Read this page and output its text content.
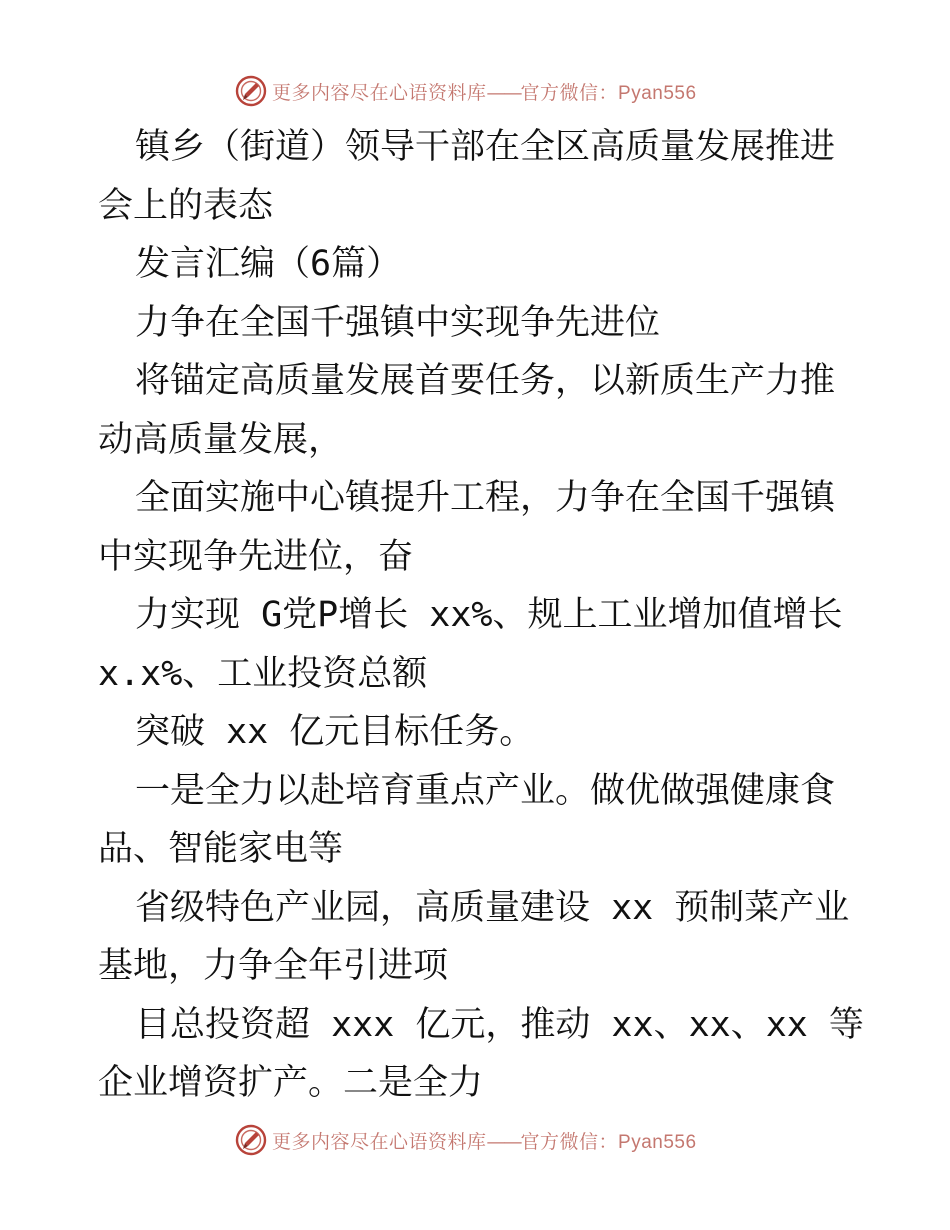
更多内容尽在心语资料库——官方微信：Pyan556

镇乡（街道）领导干部在全区高质量发展推进会上的表态

发言汇编（6篇）

力争在全国千强镇中实现争先进位

将锚定高质量发展首要任务，以新质生产力推动高质量发展，

全面实施中心镇提升工程，力争在全国千强镇中实现争先进位，奋

力实现 G党P增长 xx%、规上工业增加值增长 x.x%、工业投资总额

突破 xx 亿元目标任务。

一是全力以赴培育重点产业。做优做强健康食品、智能家电等

省级特色产业园，高质量建设 xx 预制菜产业基地，力争全年引进项

目总投资超 xxx 亿元，推动 xx、xx、xx 等企业增资扩产。二是全力

更多内容尽在心语资料库——官方微信：Pyan556
